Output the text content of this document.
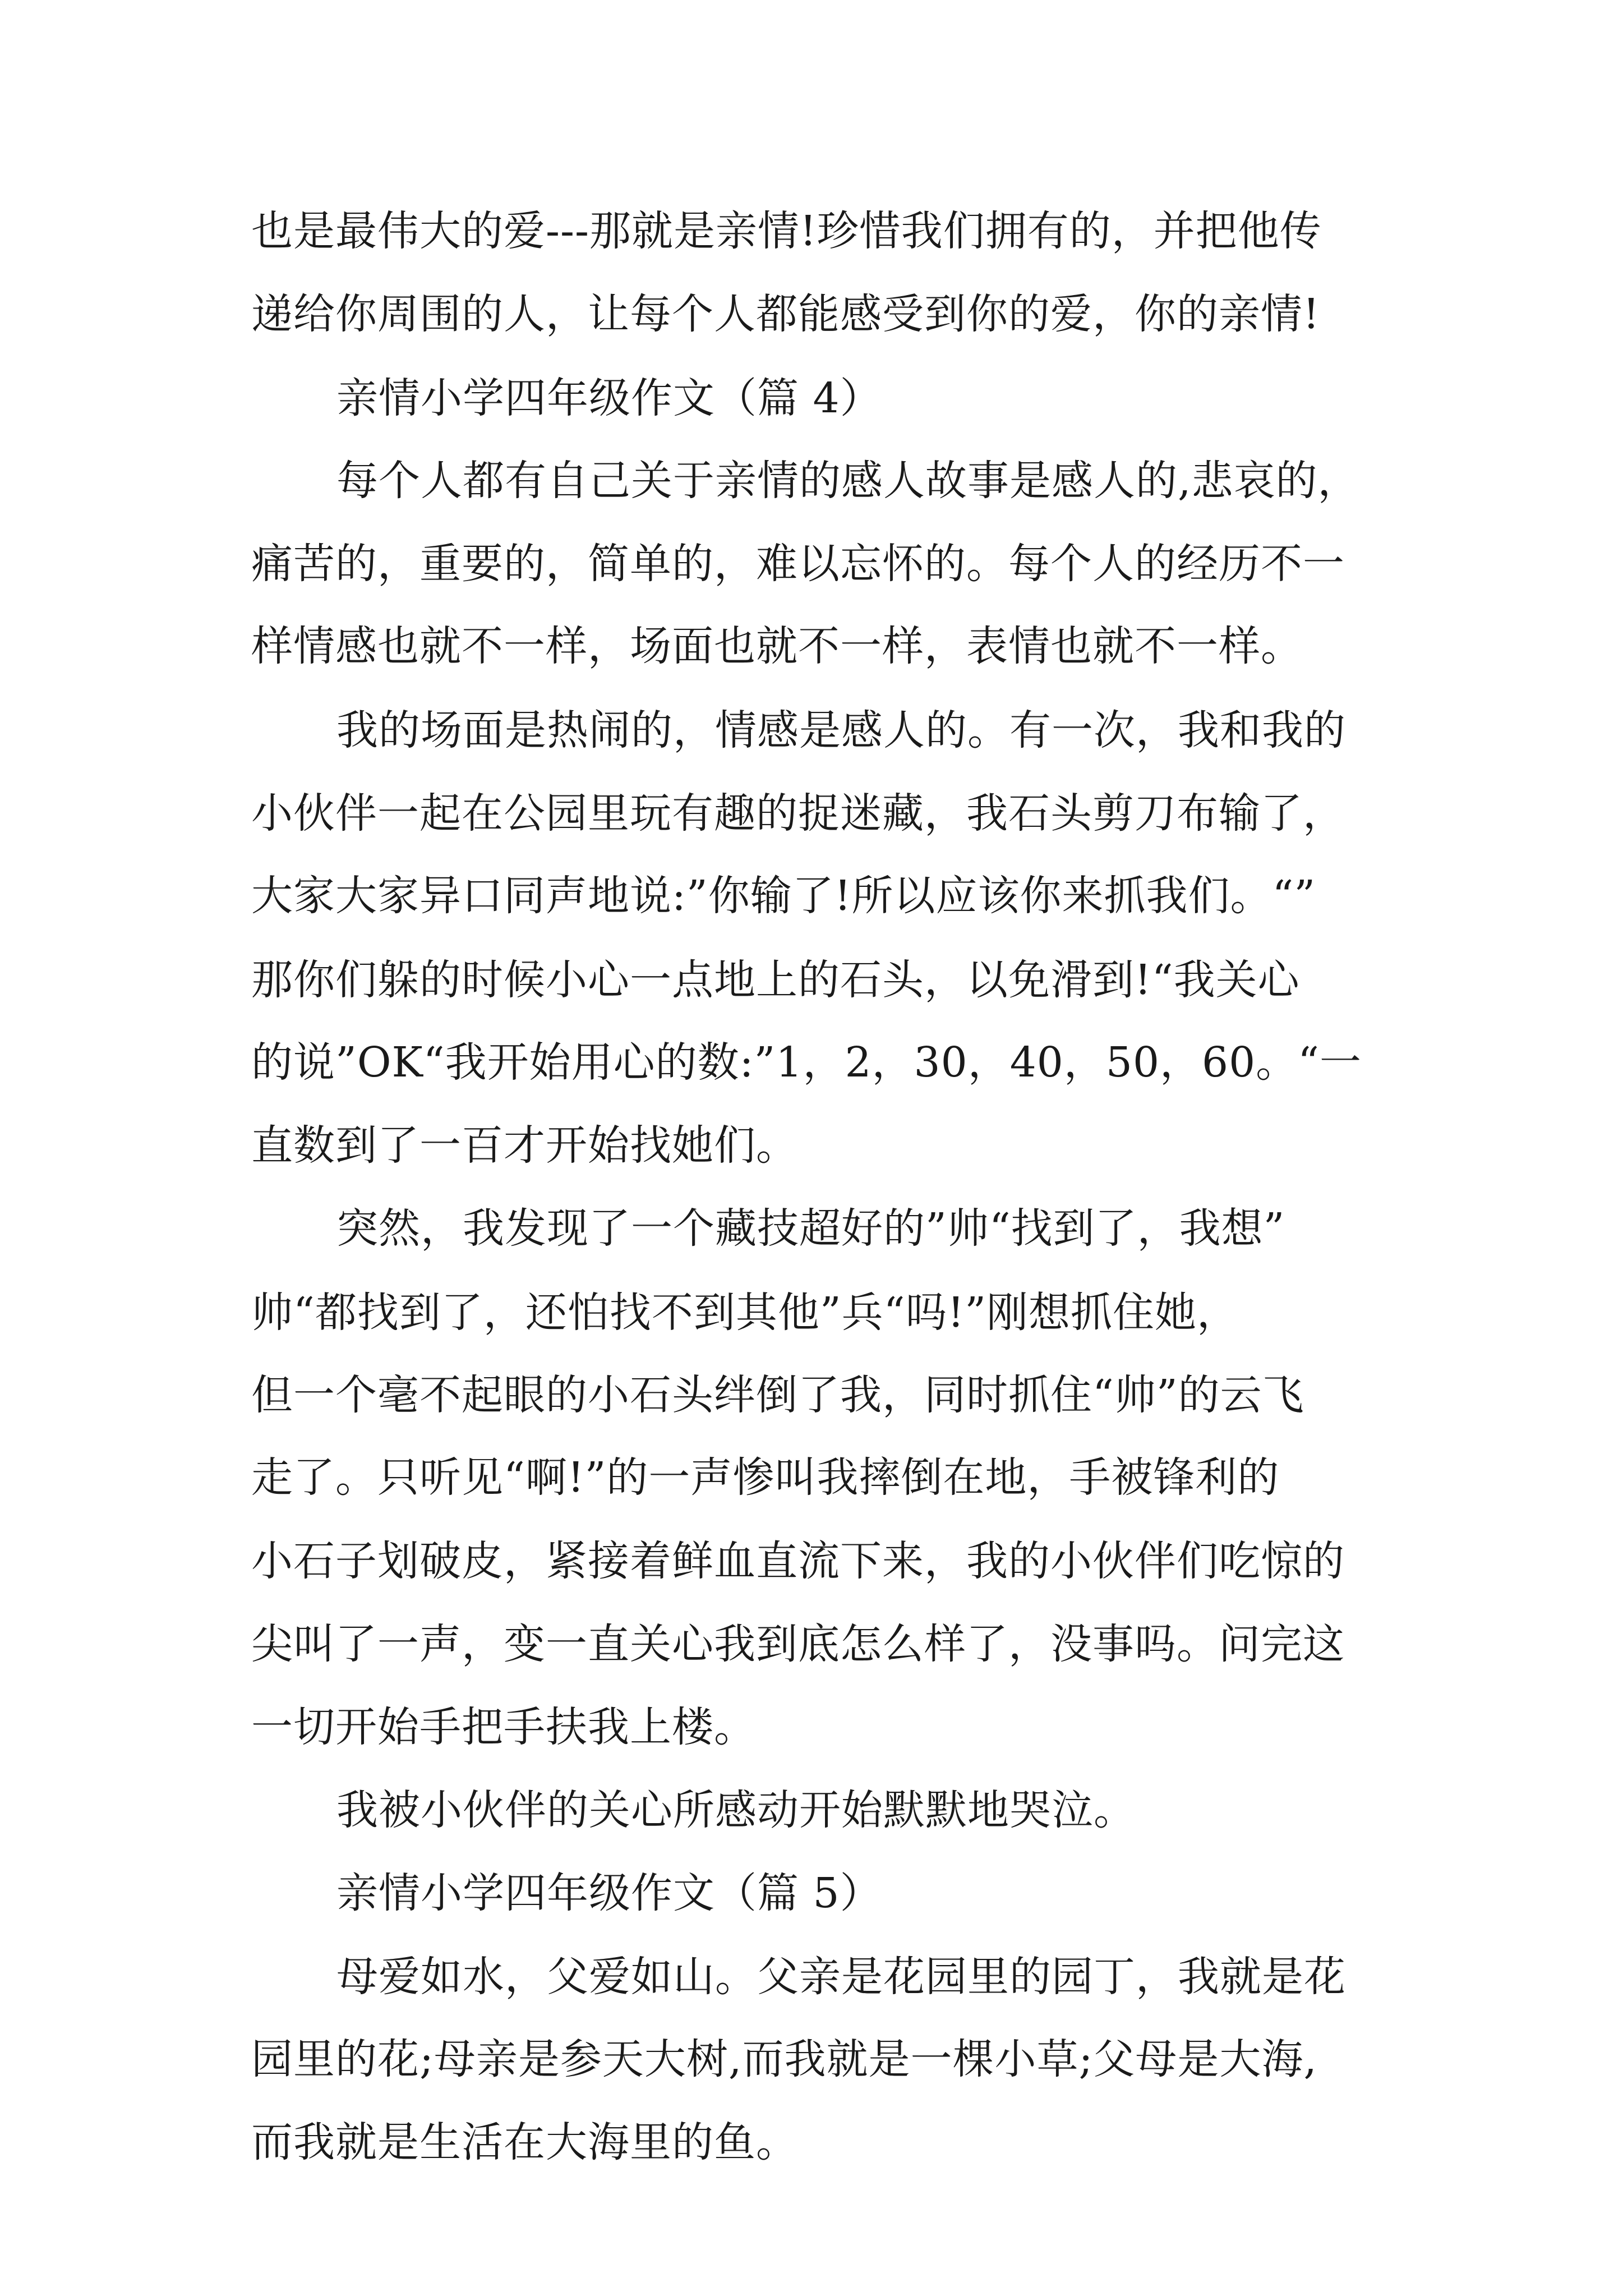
也是最伟大的爱---那就是亲情!珍惜我们拥有的，并把他传
递给你周围的人，让每个人都能感受到你的爱，你的亲情!
亲情小学四年级作文（篇 4）
每个人都有自己关于亲情的感人故事是感人的,悲哀的，
痛苦的，重要的，简单的，难以忘怀的。每个人的经历不一
样情感也就不一样，场面也就不一样，表情也就不一样。
我的场面是热闹的，情感是感人的。有一次，我和我的
小伙伴一起在公园里玩有趣的捉迷藏，我石头剪刀布输了，
大家大家异口同声地说:”你输了!所以应该你来抓我们。“”
那你们躲的时候小心一点地上的石头，以免滑到!“我关心
的说”OK“我开始用心的数:”1，2，30，40，50，60。“一
直数到了一百才开始找她们。
突然，我发现了一个藏技超好的”帅“找到了，我想”
帅“都找到了，还怕找不到其他”兵“吗!”刚想抓住她，
但一个毫不起眼的小石头绊倒了我，同时抓住“帅”的云飞
走了。只听见“啊!”的一声惨叫我摔倒在地，手被锋利的
小石子划破皮，紧接着鲜血直流下来，我的小伙伴们吃惊的
尖叫了一声，变一直关心我到底怎么样了，没事吗。问完这
一切开始手把手扶我上楼。
我被小伙伴的关心所感动开始默默地哭泣。
亲情小学四年级作文（篇 5）
母爱如水，父爱如山。父亲是花园里的园丁，我就是花
园里的花;母亲是参天大树,而我就是一棵小草;父母是大海,
而我就是生活在大海里的鱼。
